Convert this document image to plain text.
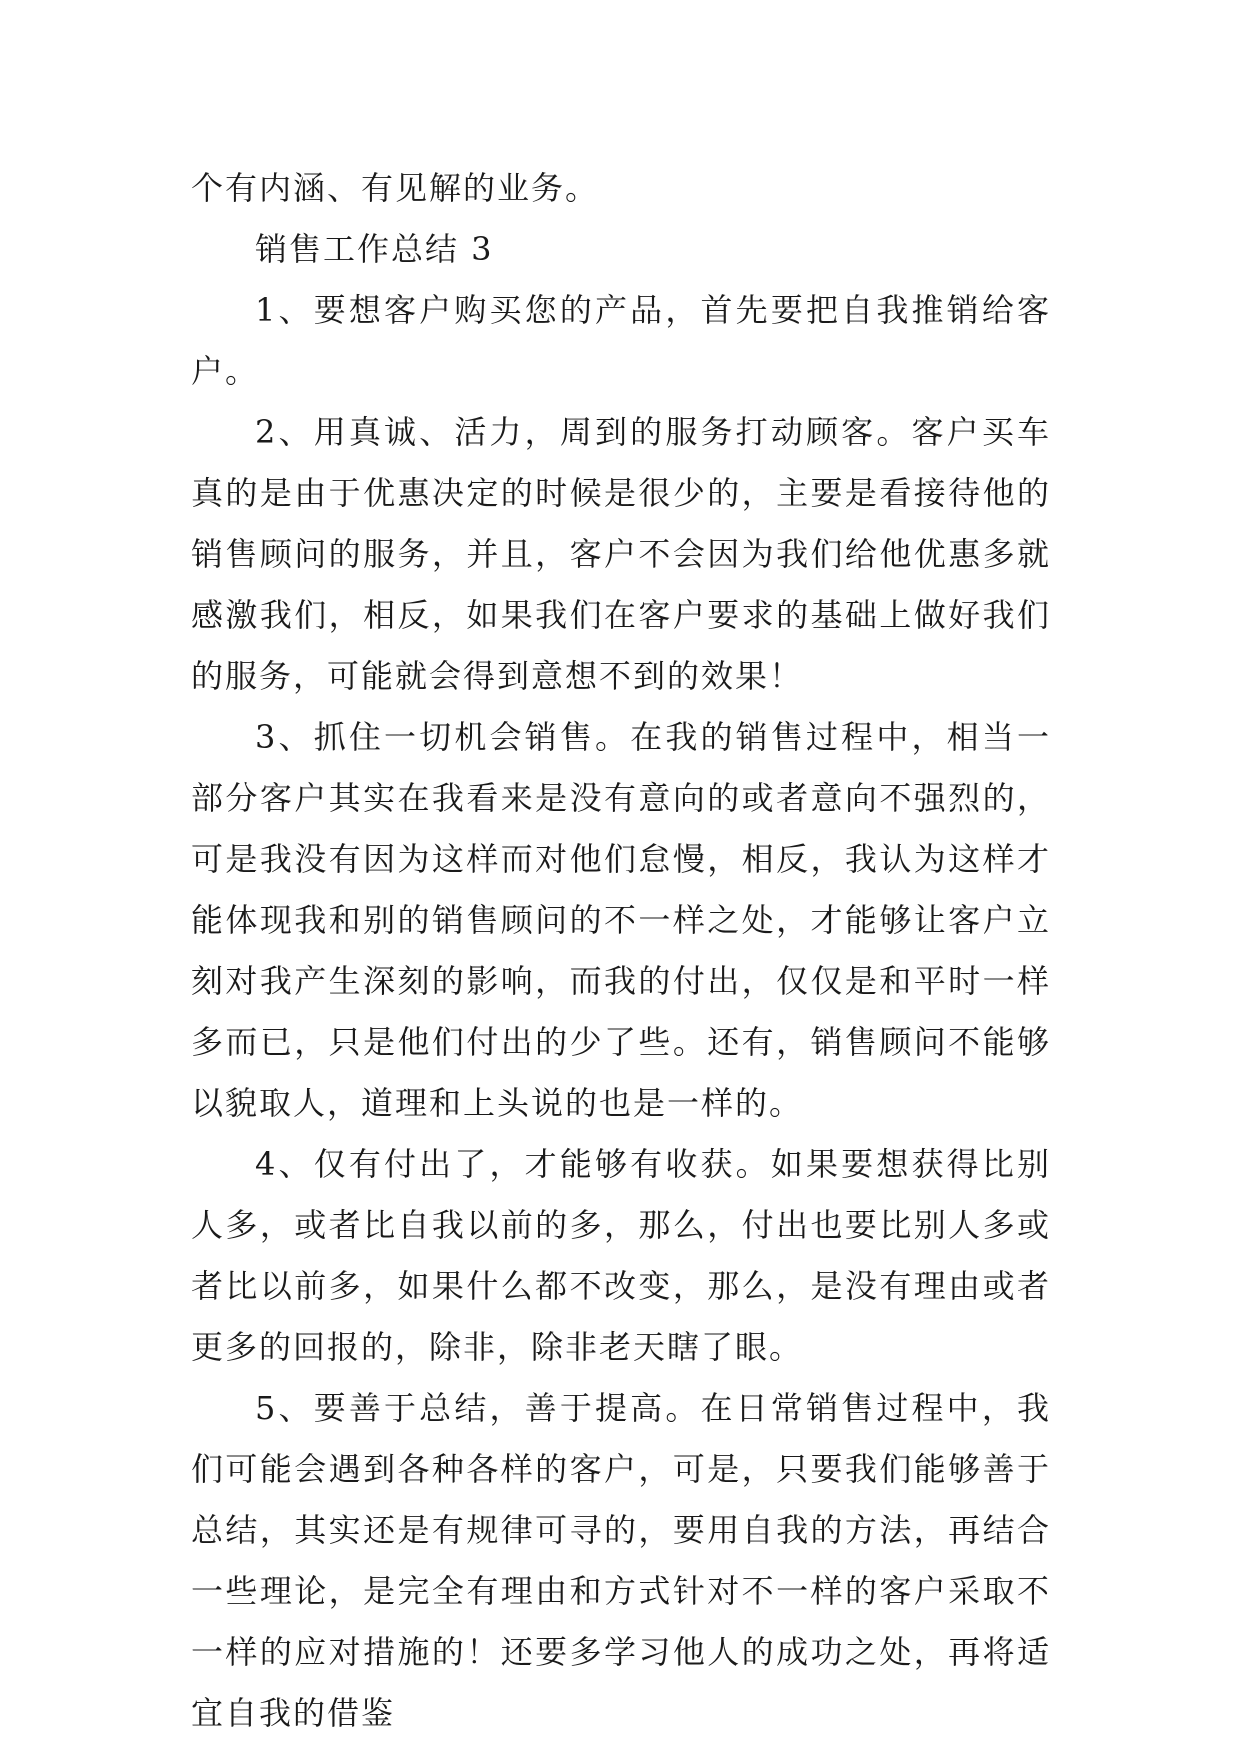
个有内涵、有见解的业务。

销售工作总结 3

1、要想客户购买您的产品，首先要把自我推销给客户。

2、用真诚、活力，周到的服务打动顾客。客户买车真的是由于优惠决定的时候是很少的，主要是看接待他的销售顾问的服务，并且，客户不会因为我们给他优惠多就感激我们，相反，如果我们在客户要求的基础上做好我们的服务，可能就会得到意想不到的效果！

3、抓住一切机会销售。在我的销售过程中，相当一部分客户其实在我看来是没有意向的或者意向不强烈的，可是我没有因为这样而对他们怠慢，相反，我认为这样才能体现我和别的销售顾问的不一样之处，才能够让客户立刻对我产生深刻的影响，而我的付出，仅仅是和平时一样多而已，只是他们付出的少了些。还有，销售顾问不能够以貌取人，道理和上头说的也是一样的。

4、仅有付出了，才能够有收获。如果要想获得比别人多，或者比自我以前的多，那么，付出也要比别人多或者比以前多，如果什么都不改变，那么，是没有理由或者更多的回报的，除非，除非老天瞎了眼。

5、要善于总结，善于提高。在日常销售过程中，我们可能会遇到各种各样的客户，可是，只要我们能够善于总结，其实还是有规律可寻的，要用自我的方法，再结合一些理论，是完全有理由和方式针对不一样的客户采取不一样的应对措施的！还要多学习他人的成功之处，再将适宜自我的借鉴
